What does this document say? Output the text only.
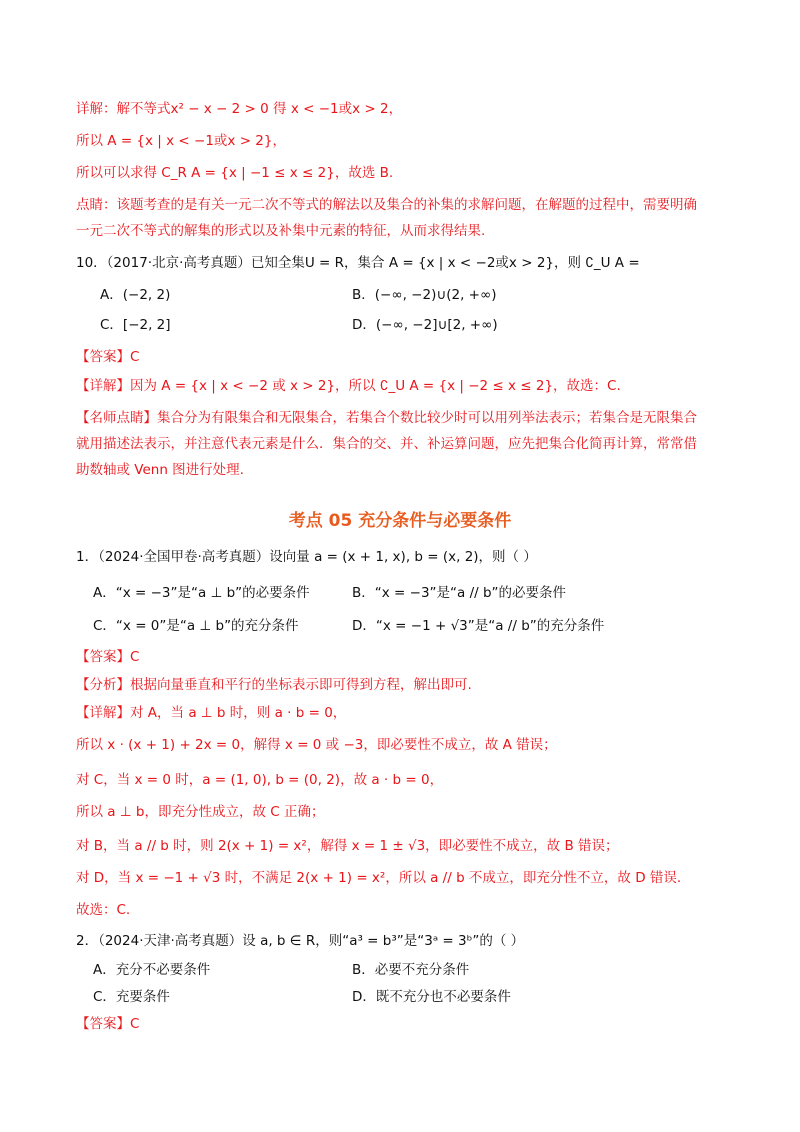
详解：解不等式x² − x − 2 > 0 得 x < −1或x > 2，
所以 A = {x | x < −1或x > 2}，
所以可以求得 C_R A = {x | −1 ≤ x ≤ 2}，故选 B.
点睛：该题考查的是有关一元二次不等式的解法以及集合的补集的求解问题，在解题的过程中，需要明确
一元二次不等式的解集的形式以及补集中元素的特征，从而求得结果.
10．（2017·北京·高考真题）已知全集U = R，集合 A = {x | x < −2或x > 2}，则 ∁_U A =
A．(−2, 2)	B．(−∞, −2)∪(2, +∞)
C．[−2, 2]	D．(−∞, −2]∪[2, +∞)
【答案】C
【详解】因为 A = {x | x < −2 或 x > 2}，所以 ∁_U A = {x | −2 ≤ x ≤ 2}，故选：C.
【名师点睛】集合分为有限集合和无限集合，若集合个数比较少时可以用列举法表示；若集合是无限集合
就用描述法表示，并注意代表元素是什么．集合的交、并、补运算问题，应先把集合化简再计算，常常借
助数轴或 Venn 图进行处理.
考点 05 充分条件与必要条件
1．（2024·全国甲卷·高考真题）设向量 a = (x + 1, x), b = (x, 2)，则（ ）
A．“x = −3”是“a ⊥ b”的必要条件	B．“x = −3”是“a // b”的必要条件
C．“x = 0”是“a ⊥ b”的充分条件	D．“x = −1 + √3”是“a // b”的充分条件
【答案】C
【分析】根据向量垂直和平行的坐标表示即可得到方程，解出即可.
【详解】对 A，当 a ⊥ b 时，则 a · b = 0，
所以 x · (x + 1) + 2x = 0，解得 x = 0 或 −3，即必要性不成立，故 A 错误；
对 C，当 x = 0 时，a = (1, 0), b = (0, 2)，故 a · b = 0，
所以 a ⊥ b，即充分性成立，故 C 正确；
对 B，当 a // b 时，则 2(x + 1) = x²，解得 x = 1 ± √3，即必要性不成立，故 B 错误；
对 D，当 x = −1 + √3 时，不满足 2(x + 1) = x²，所以 a // b 不成立，即充分性不立，故 D 错误.
故选：C.
2．（2024·天津·高考真题）设 a, b ∈ R，则“a³ = b³”是“3ᵃ = 3ᵇ”的（ ）
A．充分不必要条件	B．必要不充分条件
C．充要条件	D．既不充分也不必要条件
【答案】C
